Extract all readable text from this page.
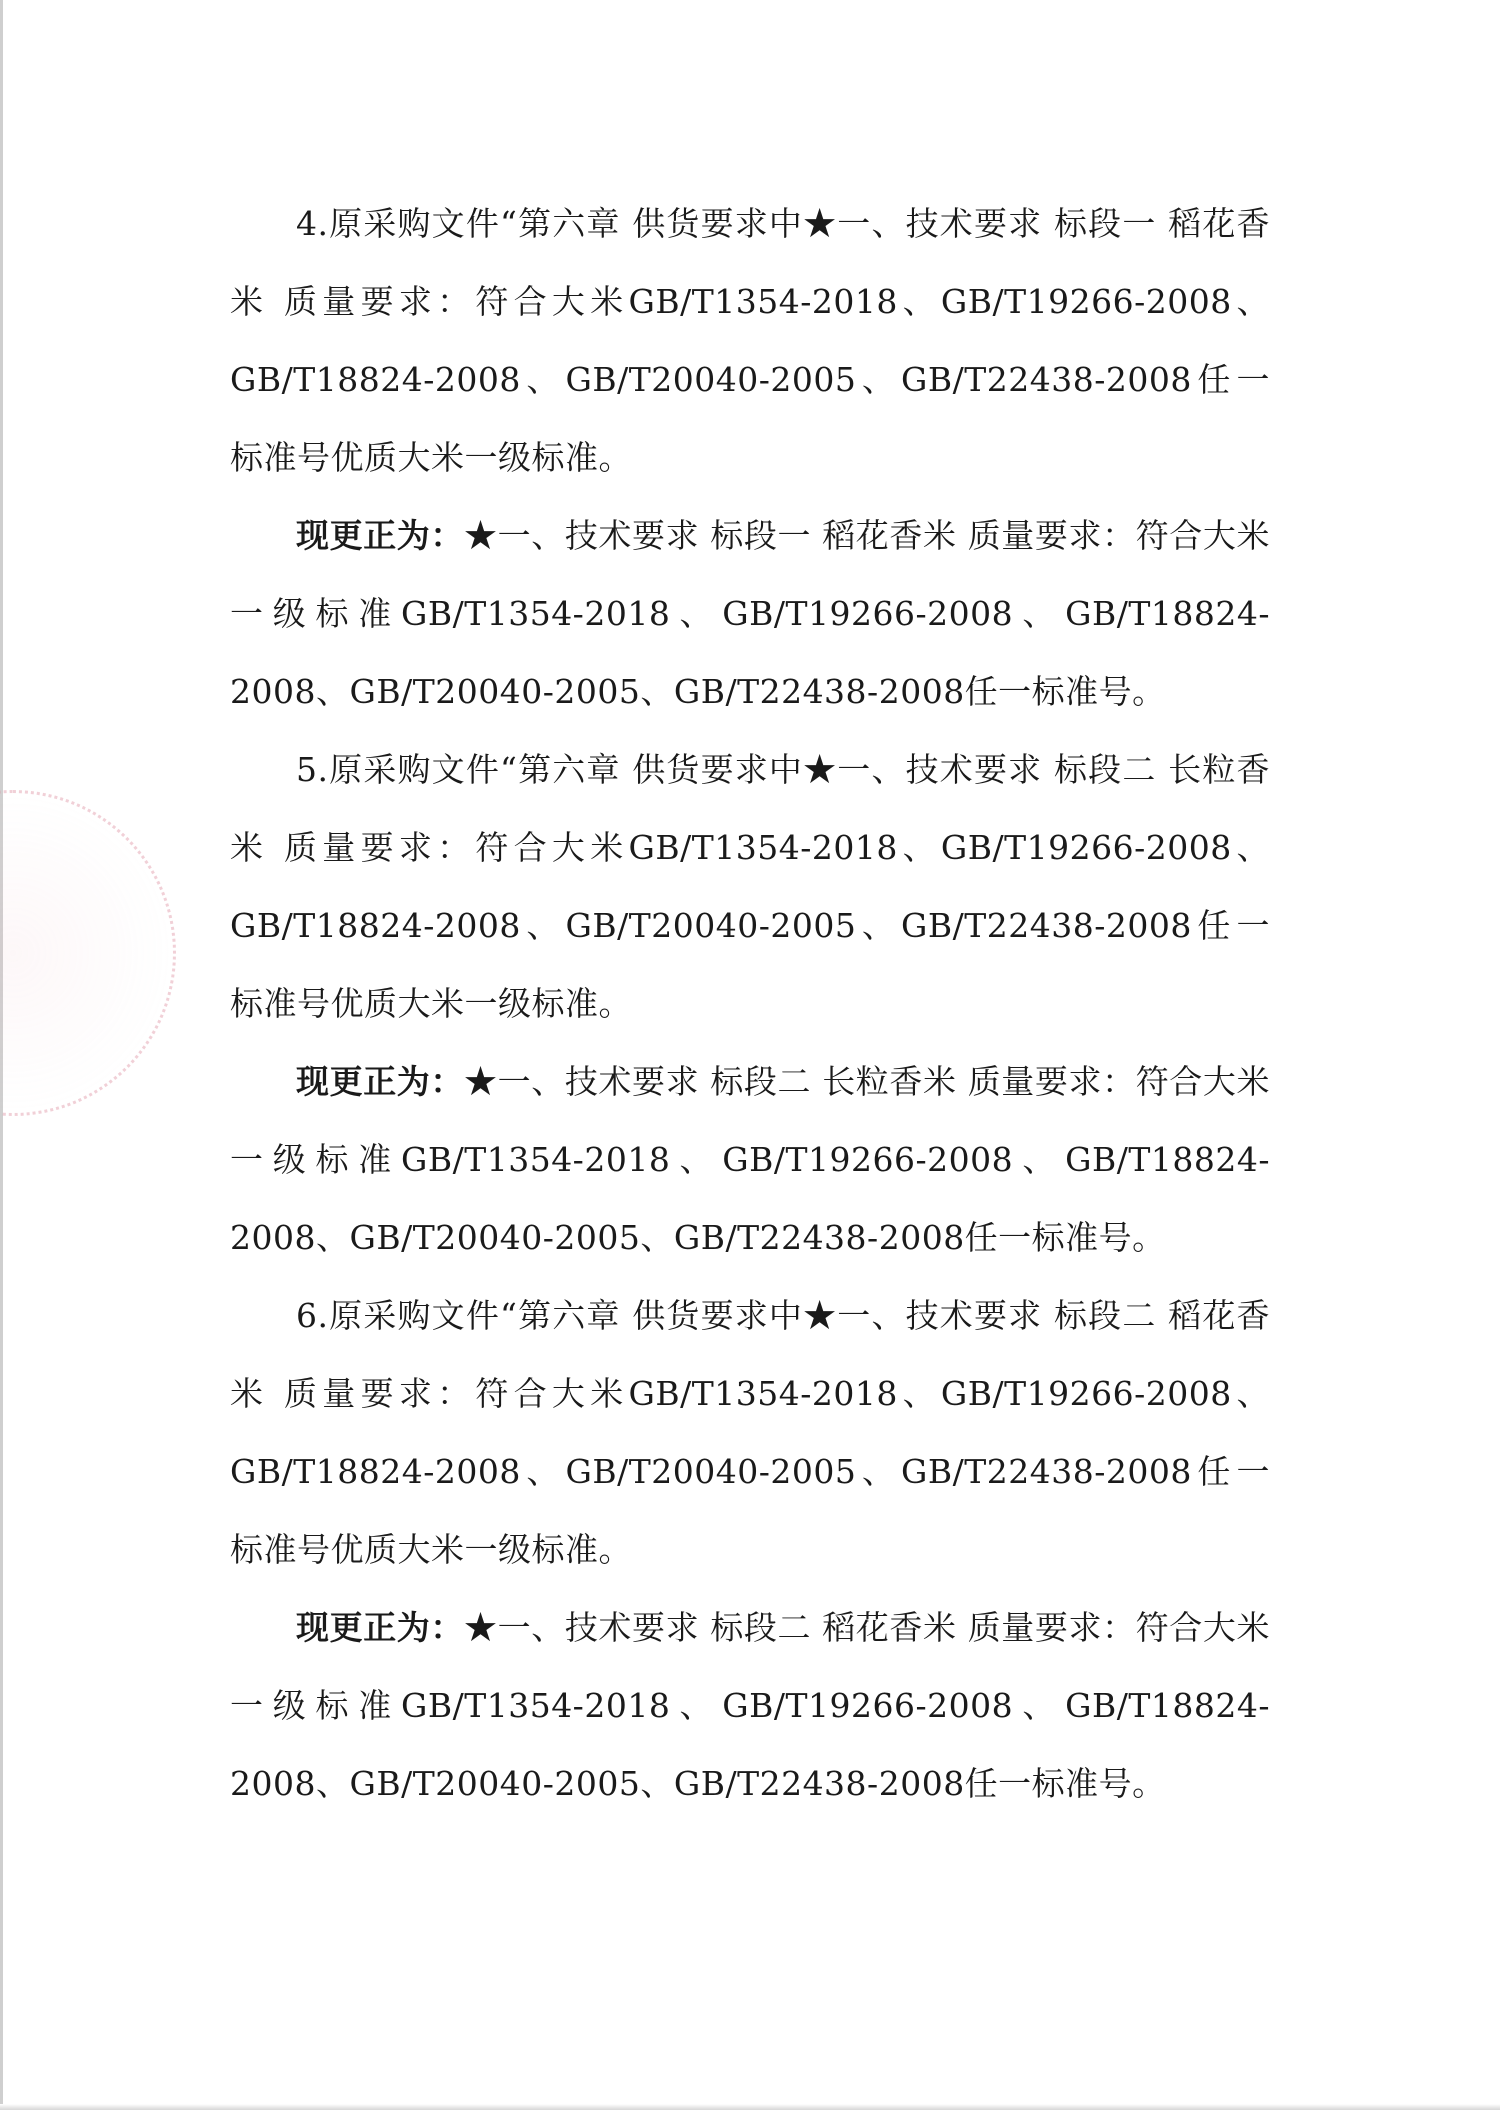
4.原采购文件“第六章 供货要求中★一、技术要求 标段一 稻花香米 质量要求：符合大米GB/T1354-2018、GB/T19266-2008、GB/T18824-2008、GB/T20040-2005、GB/T22438-2008任一标准号优质大米一级标准。

现更正为：★一、技术要求 标段一 稻花香米 质量要求：符合大米一级标准GB/T1354-2018、GB/T19266-2008、GB/T18824-2008、GB/T20040-2005、GB/T22438-2008任一标准号。

5.原采购文件“第六章 供货要求中★一、技术要求 标段二 长粒香米 质量要求：符合大米GB/T1354-2018、GB/T19266-2008、GB/T18824-2008、GB/T20040-2005、GB/T22438-2008任一标准号优质大米一级标准。

现更正为：★一、技术要求 标段二 长粒香米 质量要求：符合大米一级标准GB/T1354-2018、GB/T19266-2008、GB/T18824-2008、GB/T20040-2005、GB/T22438-2008任一标准号。

6.原采购文件“第六章 供货要求中★一、技术要求 标段二 稻花香米 质量要求：符合大米GB/T1354-2018、GB/T19266-2008、GB/T18824-2008、GB/T20040-2005、GB/T22438-2008任一标准号优质大米一级标准。

现更正为：★一、技术要求 标段二 稻花香米 质量要求：符合大米一级标准GB/T1354-2018、GB/T19266-2008、GB/T18824-2008、GB/T20040-2005、GB/T22438-2008任一标准号。
